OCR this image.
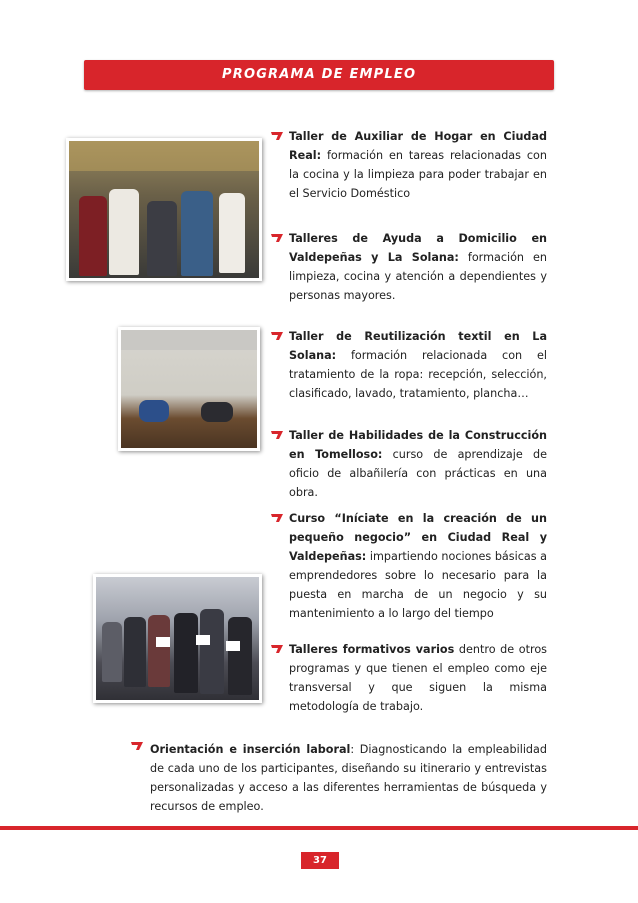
PROGRAMA DE EMPLEO
Taller de Auxiliar de Hogar en Ciudad Real: formación en tareas relacionadas con la cocina y la limpieza para poder trabajar en el Servicio Doméstico
Talleres de Ayuda a Domicilio en Valdepeñas y La Solana: formación en limpieza, cocina y atención a dependientes y personas mayores.
Taller de Reutilización textil en La Solana: formación relacionada con el tratamiento de la ropa: recepción, selección, clasificado, lavado, tratamiento, plancha…
Taller de Habilidades de la Construcción en Tomelloso: curso de aprendizaje de oficio de albañilería con prácticas en una obra.
Curso “Iníciate en la creación de un pequeño negocio” en Ciudad Real y Valdepeñas: impartiendo nociones básicas a emprendedores sobre lo necesario para la puesta en marcha de un negocio y su mantenimiento a lo largo del tiempo
Talleres formativos varios dentro de otros programas y que tienen el empleo como eje transversal y que siguen la misma metodología de trabajo.
Orientación e inserción laboral: Diagnosticando la empleabilidad de cada uno de los participantes, diseñando su itinerario y entrevistas personalizadas y acceso a las diferentes herramientas de búsqueda y recursos de empleo.
37
